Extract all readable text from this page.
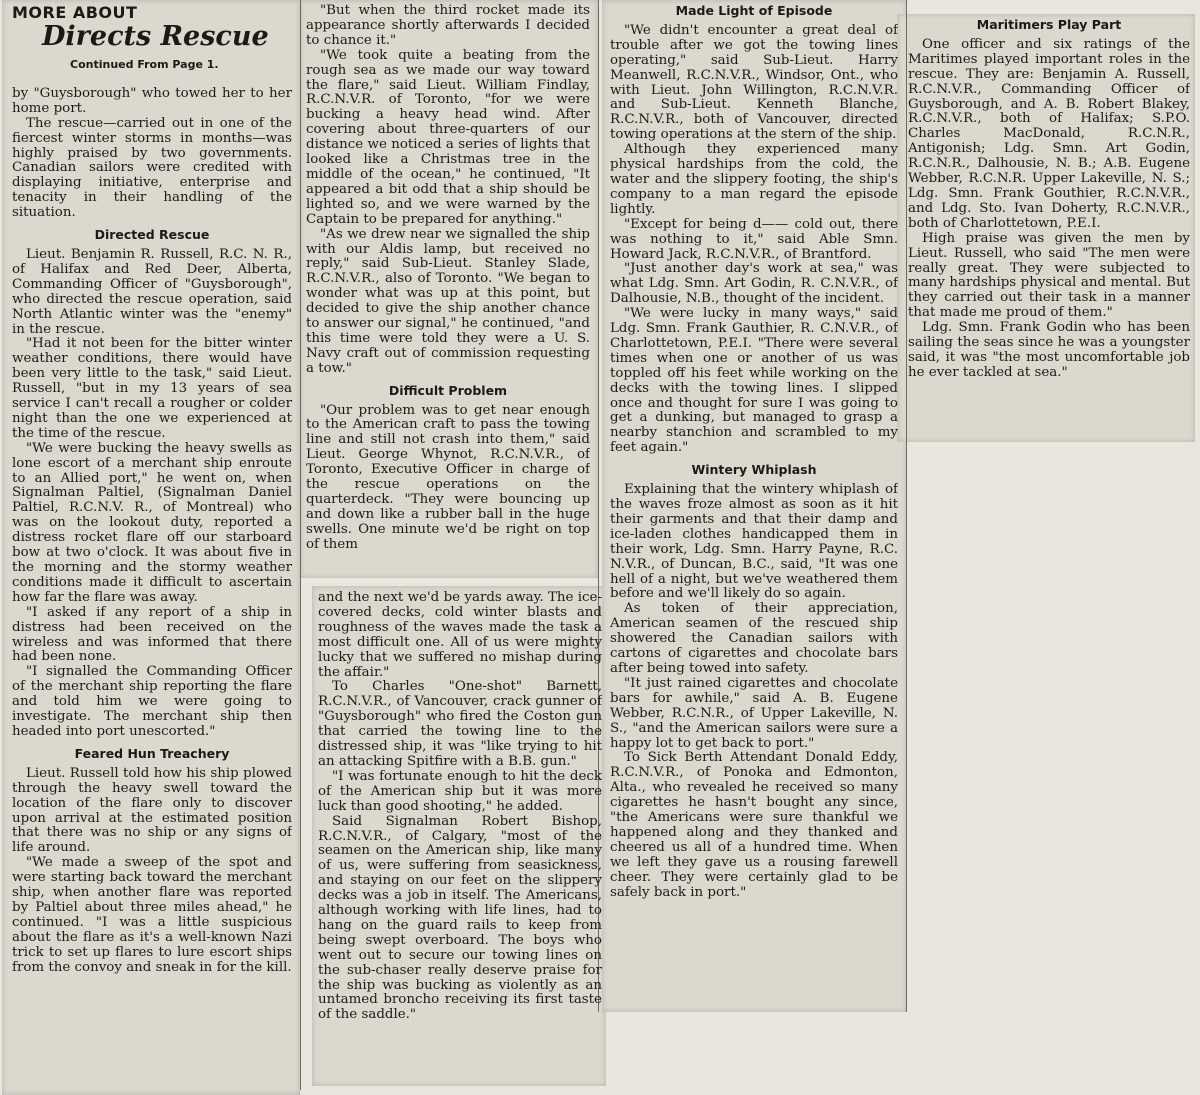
MORE ABOUT
Directs Rescue
Continued From Page 1.

by "Guysborough" who towed her to her home port.

The rescue—carried out in one of the fiercest winter storms in months—was highly praised by two governments. Canadian sailors were credited with displaying initiative, enterprise and tenacity in their handling of the situation.

Directed Rescue

Lieut. Benjamin R. Russell, R.C. N. R., of Halifax and Red Deer, Alberta, Commanding Officer of "Guysborough", who directed the rescue operation, said North Atlantic winter was the "enemy" in the rescue.

"Had it not been for the bitter winter weather conditions, there would have been very little to the task," said Lieut. Russell, "but in my 13 years of sea service I can't recall a rougher or colder night than the one we experienced at the time of the rescue.

"We were bucking the heavy swells as lone escort of a merchant ship enroute to an Allied port," he went on, when Signalman Paltiel, (Signalman Daniel Paltiel, R.C.N.V. R., of Montreal) who was on the lookout duty, reported a distress rocket flare off our starboard bow at two o'clock. It was about five in the morning and the stormy weather conditions made it difficult to ascertain how far the flare was away.

"I asked if any report of a ship in distress had been received on the wireless and was informed that there had been none.

"I signalled the Commanding Officer of the merchant ship reporting the flare and told him we were going to investigate. The merchant ship then headed into port unescorted."

Feared Hun Treachery

Lieut. Russell told how his ship plowed through the heavy swell toward the location of the flare only to discover upon arrival at the estimated position that there was no ship or any signs of life around.

"We made a sweep of the spot and were starting back toward the merchant ship, when another flare was reported by Paltiel about three miles ahead," he continued. "I was a little suspicious about the flare as it's a well-known Nazi trick to set up flares to lure escort ships from the convoy and sneak in for the kill.

"But when the third rocket made its appearance shortly afterwards I decided to chance it."

"We took quite a beating from the rough sea as we made our way toward the flare," said Lieut. William Findlay, R.C.N.V.R. of Toronto, "for we were bucking a heavy head wind. After covering about three-quarters of our distance we noticed a series of lights that looked like a Christmas tree in the middle of the ocean," he continued, "It appeared a bit odd that a ship should be lighted so, and we were warned by the Captain to be prepared for anything."

"As we drew near we signalled the ship with our Aldis lamp, but received no reply," said Sub-Lieut. Stanley Slade, R.C.N.V.R., also of Toronto. "We began to wonder what was up at this point, but decided to give the ship another chance to answer our signal," he continued, "and this time were told they were a U. S. Navy craft out of commission requesting a tow."

Difficult Problem

"Our problem was to get near enough to the American craft to pass the towing line and still not crash into them," said Lieut. George Whynot, R.C.N.V.R., of Toronto, Executive Officer in charge of the rescue operations on the quarterdeck. "They were bouncing up and down like a rubber ball in the huge swells. One minute we'd be right on top of them

and the next we'd be yards away. The ice-covered decks, cold winter blasts and roughness of the waves made the task a most difficult one. All of us were mighty lucky that we suffered no mishap during the affair."

To Charles "One-shot" Barnett, R.C.N.V.R., of Vancouver, crack gunner of "Guysborough" who fired the Coston gun that carried the towing line to the distressed ship, it was "like trying to hit an attacking Spitfire with a B.B. gun."

"I was fortunate enough to hit the deck of the American ship but it was more luck than good shooting," he added.

Said Signalman Robert Bishop, R.C.N.V.R., of Calgary, "most of the seamen on the American ship, like many of us, were suffering from seasickness, and staying on our feet on the slippery decks was a job in itself. The Americans, although working with life lines, had to hang on the guard rails to keep from being swept overboard. The boys who went out to secure our towing lines on the sub-chaser really deserve praise for the ship was bucking as violently as an untamed broncho receiving its first taste of the saddle."

Made Light of Episode

"We didn't encounter a great deal of trouble after we got the towing lines operating," said Sub-Lieut. Harry Meanwell, R.C.N.V.R., Windsor, Ont., who with Lieut. John Willington, R.C.N.V.R. and Sub-Lieut. Kenneth Blanche, R.C.N.V.R., both of Vancouver, directed towing operations at the stern of the ship.

Although they experienced many physical hardships from the cold, the water and the slippery footing, the ship's company to a man regard the episode lightly.

"Except for being d—— cold out, there was nothing to it," said Able Smn. Howard Jack, R.C.N.V.R., of Brantford.

"Just another day's work at sea," was what Ldg. Smn. Art Godin, R. C.N.V.R., of Dalhousie, N.B., thought of the incident.

"We were lucky in many ways," said Ldg. Smn. Frank Gauthier, R. C.N.V.R., of Charlottetown, P.E.I. "There were several times when one or another of us was toppled off his feet while working on the decks with the towing lines. I slipped once and thought for sure I was going to get a dunking, but managed to grasp a nearby stanchion and scrambled to my feet again."

Wintery Whiplash

Explaining that the wintery whiplash of the waves froze almost as soon as it hit their garments and that their damp and ice-laden clothes handicapped them in their work, Ldg. Smn. Harry Payne, R.C. N.V.R., of Duncan, B.C., said, "It was one hell of a night, but we've weathered them before and we'll likely do so again.

As token of their appreciation, American seamen of the rescued ship showered the Canadian sailors with cartons of cigarettes and chocolate bars after being towed into safety.

"It just rained cigarettes and chocolate bars for awhile," said A. B. Eugene Webber, R.C.N.R., of Upper Lakeville, N. S., "and the American sailors were sure a happy lot to get back to port."

To Sick Berth Attendant Donald Eddy, R.C.N.V.R., of Ponoka and Edmonton, Alta., who revealed he received so many cigarettes he hasn't bought any since, "the Americans were sure thankful we happened along and they thanked and cheered us all of a hundred time. When we left they gave us a rousing farewell cheer. They were certainly glad to be safely back in port."

Maritimers Play Part

One officer and six ratings of the Maritimes played important roles in the rescue. They are: Benjamin A. Russell, R.C.N.V.R., Commanding Officer of Guysborough, and A. B. Robert Blakey, R.C.N.V.R., both of Halifax; S.P.O. Charles MacDonald, R.C.N.R., Antigonish; Ldg. Smn. Art Godin, R.C.N.R., Dalhousie, N. B.; A.B. Eugene Webber, R.C.N.R. Upper Lakeville, N. S.; Ldg. Smn. Frank Gouthier, R.C.N.V.R., and Ldg. Sto. Ivan Doherty, R.C.N.V.R., both of Charlottetown, P.E.I.

High praise was given the men by Lieut. Russell, who said "The men were really great. They were subjected to many hardships physical and mental. But they carried out their task in a manner that made me proud of them."

Ldg. Smn. Frank Godin who has been sailing the seas since he was a youngster said, it was "the most uncomfortable job he ever tackled at sea."
